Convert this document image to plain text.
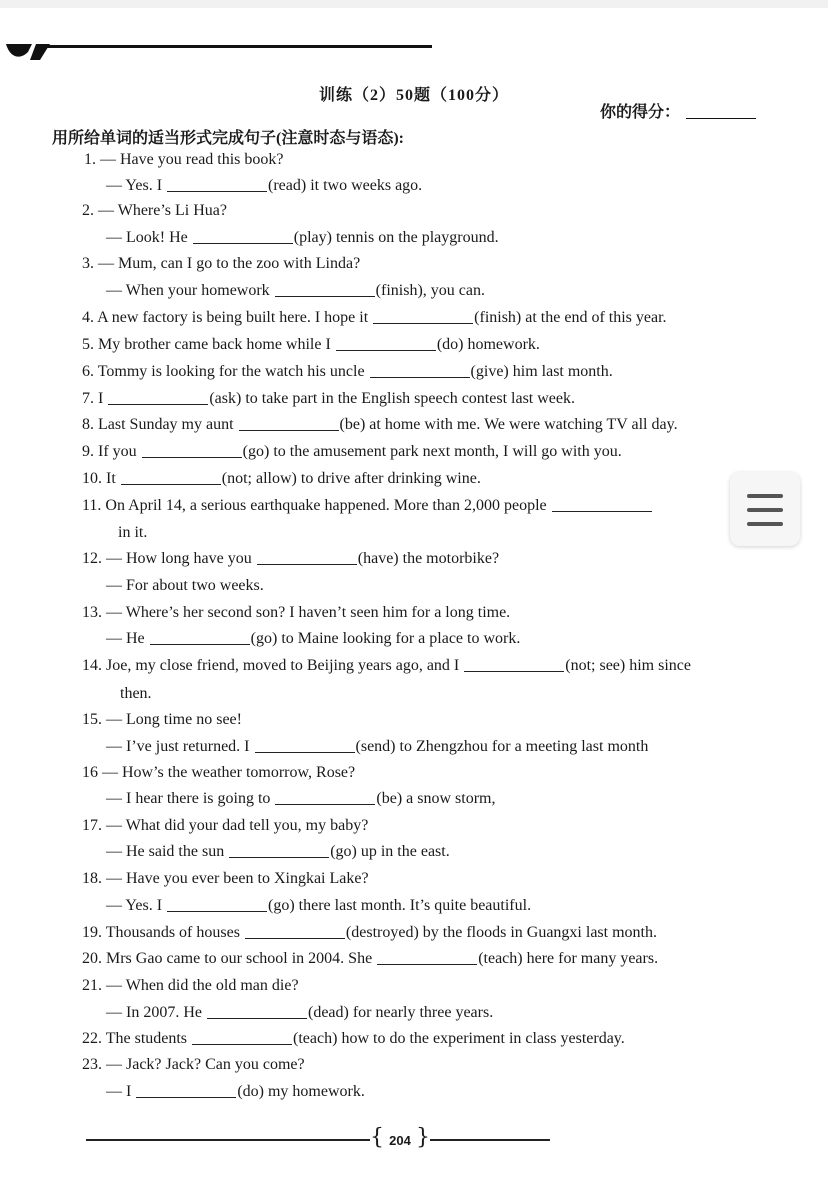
训练（2）50题（100分）
你的得分：
用所给单词的适当形式完成句子(注意时态与语态):
1. — Have you read this book?
— Yes. I	(read) it two weeks ago.
2. — Where’s Li Hua?
— Look! He	(play) tennis on the playground.
3. — Mum, can I go to the zoo with Linda?
— When your homework	(finish), you can.
4. A new factory is being built here. I hope it	(finish) at the end of this year.
5. My brother came back home while I	(do) homework.
6. Tommy is looking for the watch his uncle	(give) him last month.
7. I	(ask) to take part in the English speech contest last week.
8. Last Sunday my aunt	(be) at home with me. We were watching TV all day.
9. If you	(go) to the amusement park next month, I will go with you.
10. It	(not; allow) to drive after drinking wine.
11. On April 14, a serious earthquake happened. More than 2,000 people
in it.
12. — How long have you	(have) the motorbike?
— For about two weeks.
13. — Where’s her second son? I haven’t seen him for a long time.
— He	(go) to Maine looking for a place to work.
14. Joe, my close friend, moved to Beijing years ago, and I	(not; see) him since
then.
15. — Long time no see!
— I’ve just returned. I	(send) to Zhengzhou for a meeting last month
16 — How’s the weather tomorrow, Rose?
— I hear there is going to	(be) a snow storm,
17. — What did your dad tell you, my baby?
— He said the sun	(go) up in the east.
18. — Have you ever been to Xingkai Lake?
— Yes. I	(go) there last month. It’s quite beautiful.
19. Thousands of houses	(destroyed) by the floods in Guangxi last month.
20. Mrs Gao came to our school in 2004. She	(teach) here for many years.
21. — When did the old man die?
— In 2007. He	(dead) for nearly three years.
22. The students	(teach) how to do the experiment in class yesterday.
23. — Jack? Jack? Can you come?
— I	(do) my homework.
{ 204 }
